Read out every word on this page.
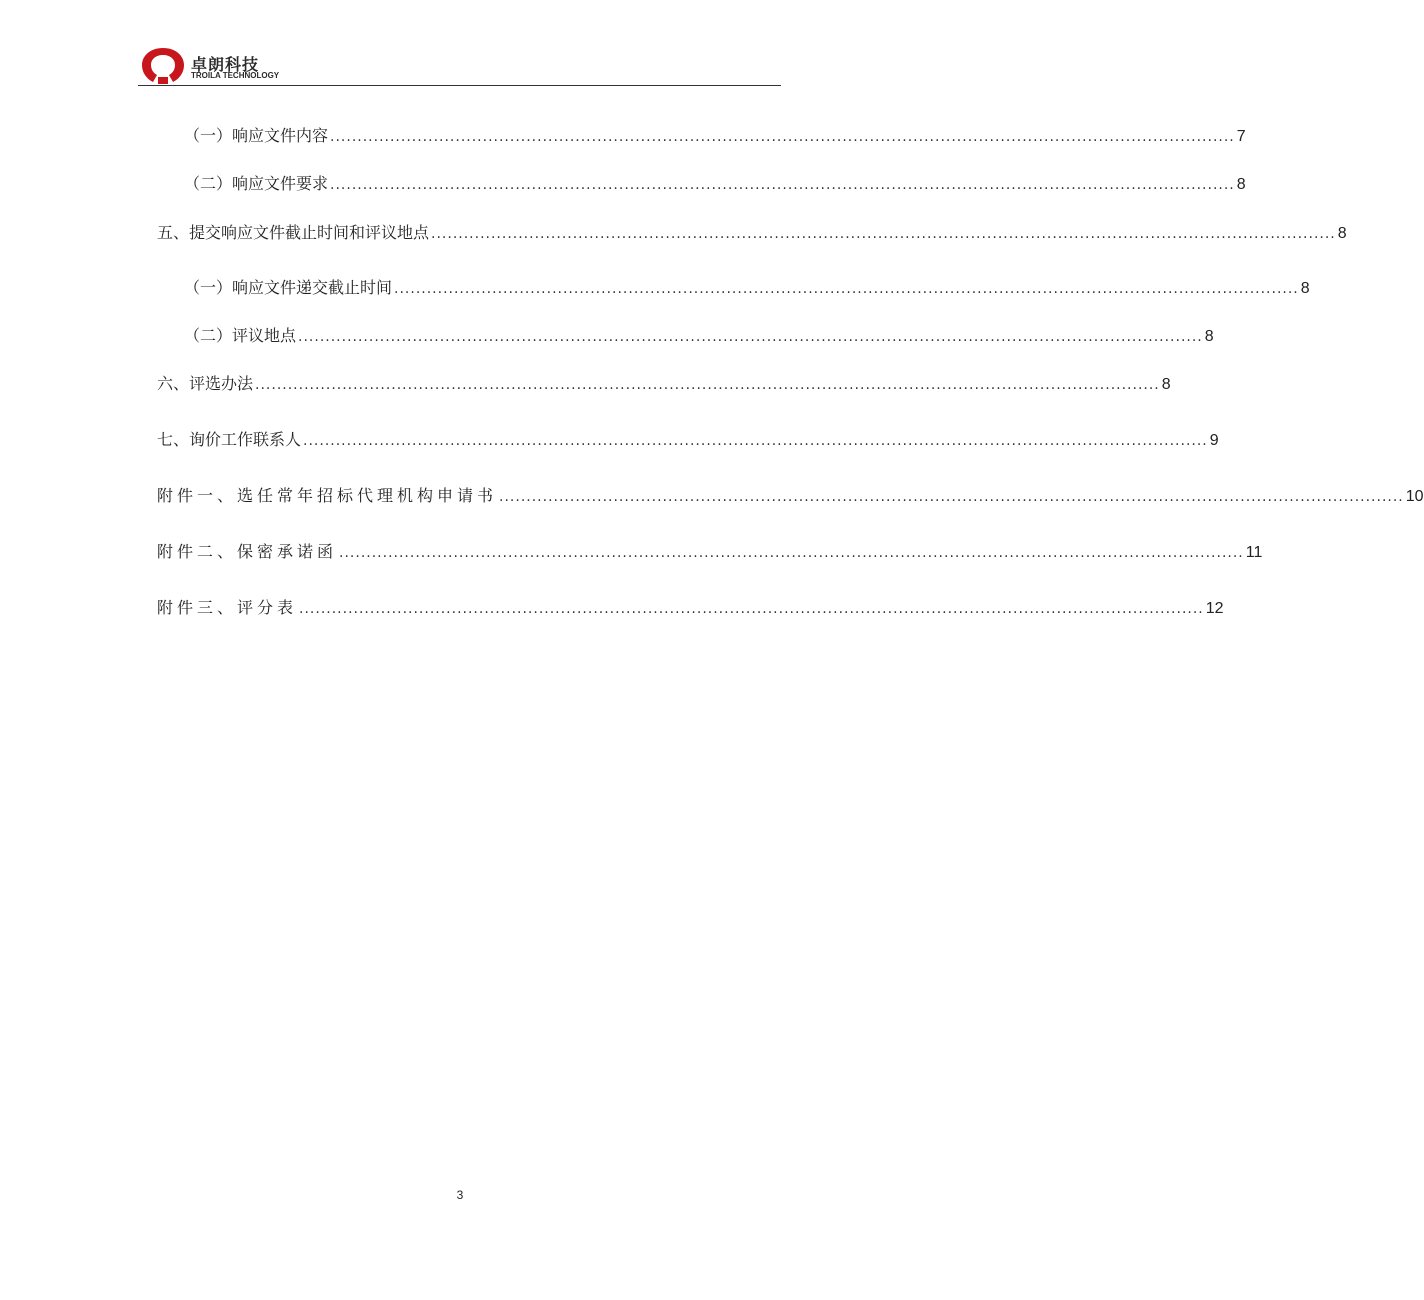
卓朗科技
TROILA TECHNOLOGY
（一）响应文件内容 ...................................................................................................................................................................... 7
（二）响应文件要求 ...................................................................................................................................................................... 8
五、提交响应文件截止时间和评议地点 ...................................................................................................................................................................... 8
（一）响应文件递交截止时间 ...................................................................................................................................................................... 8
（二）评议地点 ...................................................................................................................................................................... 8
六、评选办法 ...................................................................................................................................................................... 8
七、询价工作联系人 ...................................................................................................................................................................... 9
附件一、选任常年招标代理机构申请书 ...................................................................................................................................................................... 10
附件二、保密承诺函 ...................................................................................................................................................................... 11
附件三、评分表 ...................................................................................................................................................................... 12
3
